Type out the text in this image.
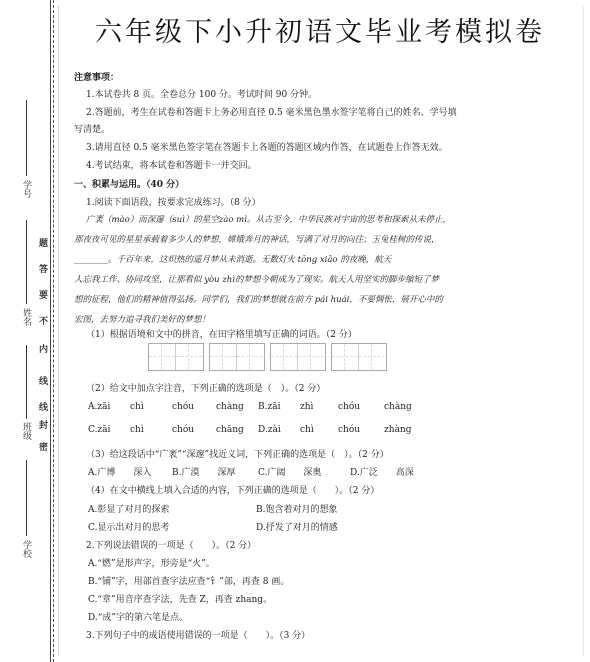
学号
姓名
班级
学校
题
答
要
不
内
线
线
封
密
六年级下小升初语文毕业考模拟卷
注意事项：
1.本试卷共 8 页。全卷总分 100 分。考试时间 90 分钟。
2.答题前，考生在试卷和答题卡上务必用直径 0.5 毫米黑色墨水签字笔将自己的姓名、学号填
写清楚。
3.请用直径 0.5 毫米黑色签字笔在答题卡上各题的答题区域内作答，在试题卷上作答无效。
4.考试结束，将本试卷和答题卡一并交回。
一、积累与运用。（40 分）
1.阅读下面语段，按要求完成练习。（8 分）
广袤（mào）而深邃（suì）的星空zào mì。从古至今，中华民族对宇宙的思考和探索从未停止，
那夜夜可见的星星承载着多少人的梦想，嫦娥奔月的神话，写满了对月的向往；玉兔桂树的传说，
________。千百年来，这炽热的遥月梦从未消逝。无数灯火 tōng xiāo 的夜晚，航天
人忘我工作、协同攻坚，让那看似 yòu zhì的梦想今朝成为了现实。航天人用坚实的脚步缩短了梦
想的征程，他们的精神值得弘扬。同学们，我们的梦想就在前方 pái huái，不要惆怅，展开心中的
宏图，去努力追寻我们美好的梦想！
（1）根据语境和文中的拼音，在田字格里填写正确的词语。（2 分）
（2）给文中加点字注音，下列正确的选项是（　）。（2 分）
A.zāi chì	chóu chàng B.zāi zhì	chóu	chàng
C.zāi chì	chóu chāng D.zài chì	chóu	zhàng
（3）给这段话中“广袤”“深邃”找近义词，下列正确的选项是（　）。（2 分）
A.广博　　深入 B.广漠　　深厚	C.广阔　　深奥	D.广泛　　高深
（4）在文中横线上填入合适的内容，下列正确的选项是（　　）。（2 分）
A.彰显了对月的探索	B.饱含着对月的想象
C.显示出对月的思考	D.抒发了对月的情感
2.下列说法错误的一项是（　　）。（2 分）
A.“燃”是形声字，形旁是“火”。
B.“铺”字，用部首查字法应查“钅”部，再查 8 画。
C.“章”用音序查字法，先查 Z，再查 zhang。
D.“成”字的第六笔是点。
3.下列句子中的成语使用错误的一项是（　　）。（3 分）
